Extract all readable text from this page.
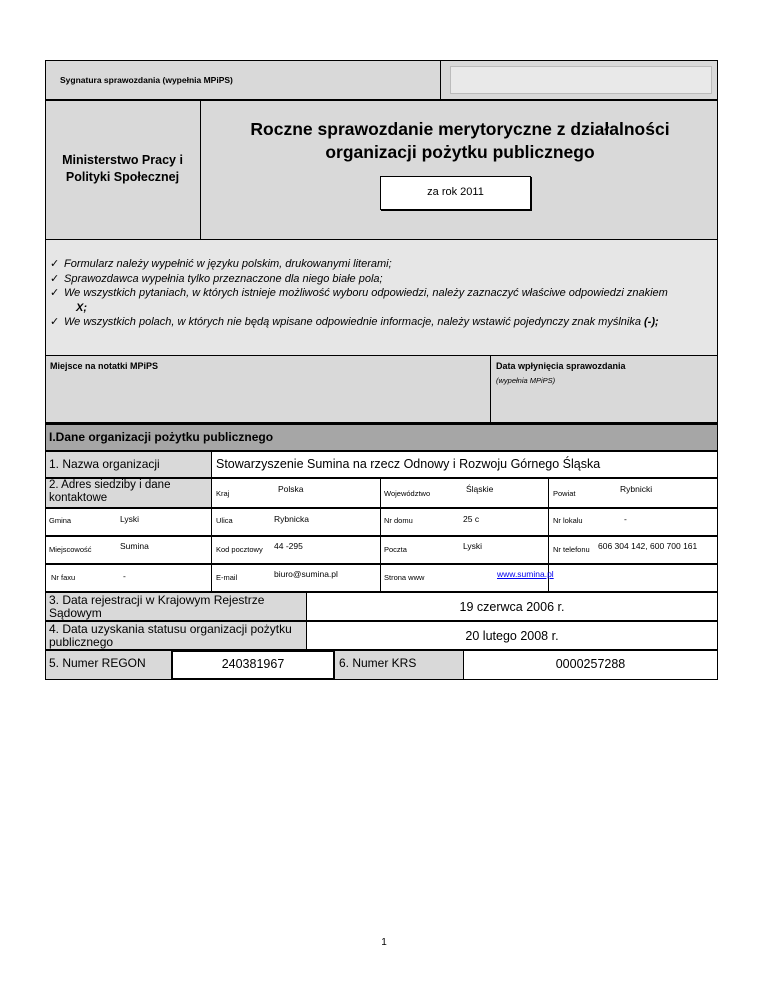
Sygnatura sprawozdania (wypełnia MPiPS)
Ministerstwo Pracy i Polityki Społecznej
Roczne sprawozdanie merytoryczne z działalności
organizacji pożytku publicznego
za rok 2011
✓ Formularz należy wypełnić w języku polskim, drukowanymi literami;
✓ Sprawozdawca wypełnia tylko przeznaczone dla niego białe pola;
✓ We wszystkich pytaniach, w których istnieje możliwość wyboru odpowiedzi, należy zaznaczyć właściwe odpowiedzi znakiem
X;
✓ We wszystkich polach, w których nie będą wpisane odpowiednie informacje, należy wstawić pojedynczy znak myślnika (-);
Miejsce na notatki MPiPS	Data wpłynięcia sprawozdania
(wypełnia MPiPS)
I.Dane organizacji pożytku publicznego
1. Nazwa organizacji	Stowarzyszenie Sumina na rzecz Odnowy i Rozwoju Górnego Śląska
2. Adres siedziby i dane kontaktowe	Kraj	Polska	Województwo	Śląskie	Powiat	Rybnicki
Gmina	Lyski	Ulica	Rybnicka	Nr domu	25 c	Nr lokalu	-
Miejscowość	Sumina	Kod pocztowy 44 -295	Poczta	Lyski	Nr telefonu 606 304 142, 600 700 161
Nr faxu	-	E-mail	biuro@sumina.pl	Strona www	www.sumina.pl
3. Data rejestracji w Krajowym Rejestrze Sądowym	19 czerwca 2006 r.
4. Data uzyskania statusu organizacji pożytku publicznego	20 lutego 2008 r.
5. Numer REGON	240381967	6. Numer KRS	0000257288
1
